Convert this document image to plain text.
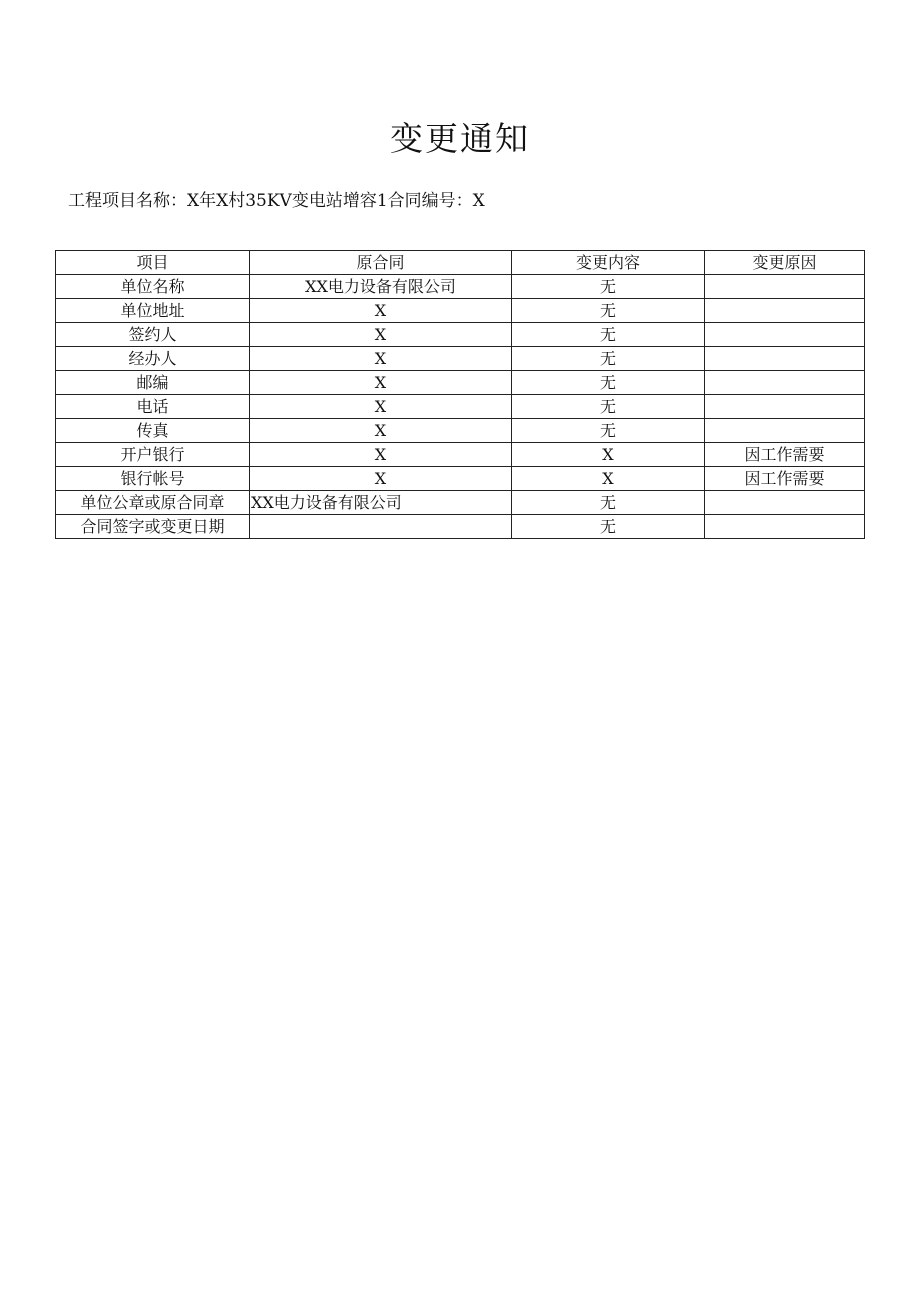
变更通知
工程项目名称：X年X村35KV变电站增容1合同编号：X
项目	原合同	变更内容	变更原因
单位名称	XX电力设备有限公司	无	
单位地址	X	无	
签约人	X	无	
经办人	X	无	
邮编	X	无	
电话	X	无	
传真	X	无	
开户银行	X	X	因工作需要
银行帐号	X	X	因工作需要
单位公章或原合同章	XX电力设备有限公司	无	
合同签字或变更日期		无	
